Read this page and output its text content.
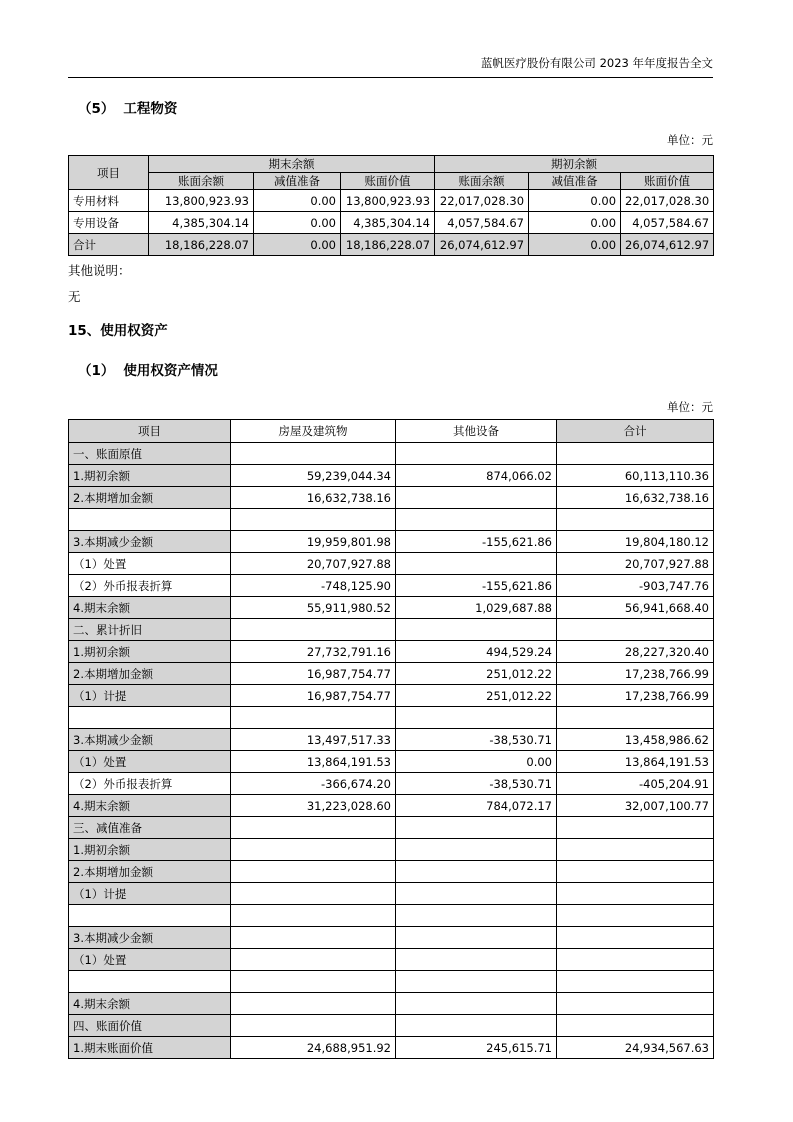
蓝帆医疗股份有限公司 2023 年年度报告全文
（5） 工程物资
单位：元
项目	期末余额			期初余额		
	账面余额	减值准备	账面价值	账面余额	减值准备	账面价值
专用材料	13,800,923.93	0.00	13,800,923.93	22,017,028.30	0.00	22,017,028.30
专用设备	4,385,304.14	0.00	4,385,304.14	4,057,584.67	0.00	4,057,584.67
合计	18,186,228.07	0.00	18,186,228.07	26,074,612.97	0.00	26,074,612.97
其他说明：
无
15、使用权资产
（1） 使用权资产情况
单位：元
项目	房屋及建筑物	其他设备	合计
一、账面原值			
1.期初余额	59,239,044.34	874,066.02	60,113,110.36
2.本期增加金额	16,632,738.16		16,632,738.16

3.本期减少金额	19,959,801.98	-155,621.86	19,804,180.12
（1）处置	20,707,927.88		20,707,927.88
（2）外币报表折算	-748,125.90	-155,621.86	-903,747.76
4.期末余额	55,911,980.52	1,029,687.88	56,941,668.40
二、累计折旧			
1.期初余额	27,732,791.16	494,529.24	28,227,320.40
2.本期增加金额	16,987,754.77	251,012.22	17,238,766.99
（1）计提	16,987,754.77	251,012.22	17,238,766.99

3.本期减少金额	13,497,517.33	-38,530.71	13,458,986.62
（1）处置	13,864,191.53	0.00	13,864,191.53
（2）外币报表折算	-366,674.20	-38,530.71	-405,204.91
4.期末余额	31,223,028.60	784,072.17	32,007,100.77
三、减值准备			
1.期初余额			
2.本期增加金额			
（1）计提			

3.本期减少金额			
（1）处置			

4.期末余额			
四、账面价值			
1.期末账面价值	24,688,951.92	245,615.71	24,934,567.63
